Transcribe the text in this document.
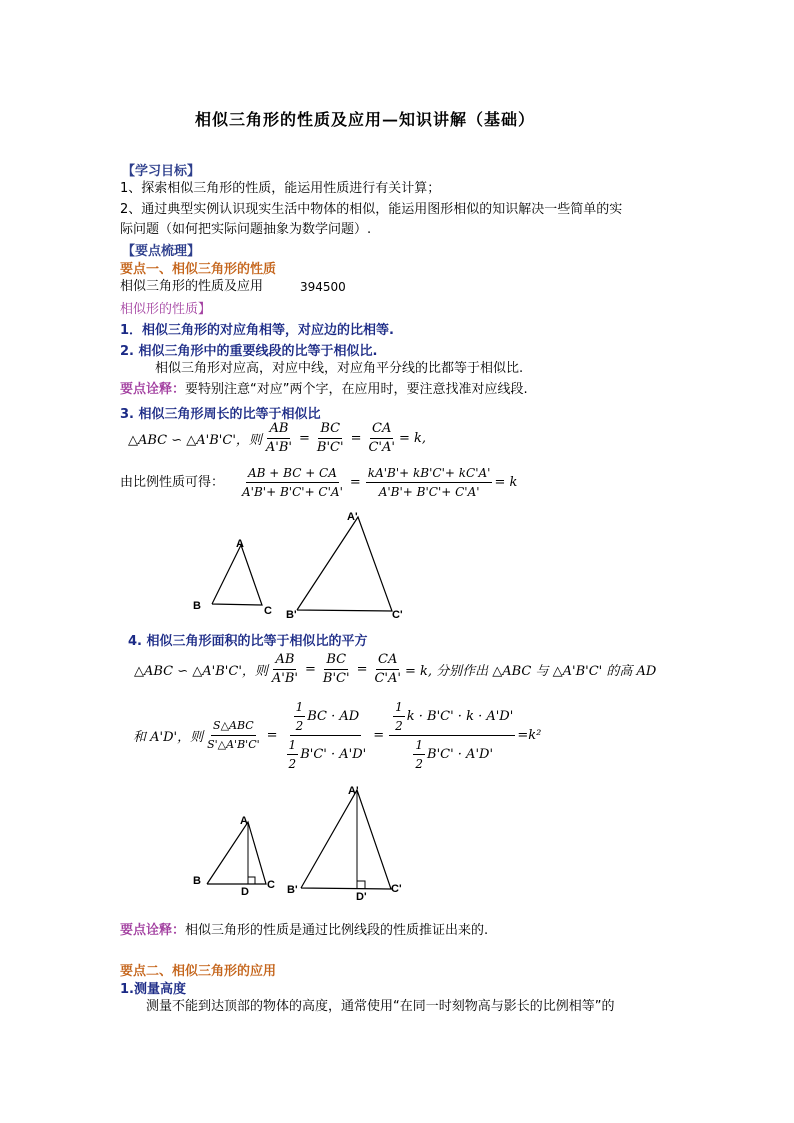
相似三角形的性质及应用—知识讲解（基础）
【学习目标】
1、探索相似三角形的性质，能运用性质进行有关计算；
2、通过典型实例认识现实生活中物体的相似，能运用图形相似的知识解决一些简单的实
际问题（如何把实际问题抽象为数学问题）.
【要点梳理】
要点一、相似三角形的性质
相似三角形的性质及应用	394500
相似形的性质】
1．相似三角形的对应角相等，对应边的比相等.
2. 相似三角形中的重要线段的比等于相似比.
相似三角形对应高，对应中线，对应角平分线的比都等于相似比.
要点诠释：要特别注意“对应”两个字，在应用时，要注意找准对应线段.
3. 相似三角形周长的比等于相似比
△ABC ∽ △A'B'C'，则 $\frac{AB}{A'B'} = \frac{BC}{B'C'} = \frac{CA}{C'A'} = k$,
由比例性质可得： $\frac{AB + BC + CA}{A'B'+ B'C'+ C'A'} = \frac{kA'B'+ kB'C'+ kC'A'}{A'B'+ B'C'+ C'A'} = k$
A
B	C
A'
B'	C'
4. 相似三角形面积的比等于相似比的平方
△ABC ∽ △A'B'C'，则 $\frac{AB}{A'B'} = \frac{BC}{B'C'} = \frac{CA}{C'A'} = k$, 分别作出 △ABC 与 △A'B'C' 的高 AD
和 A'D'，则 $\frac{\text{S△ABC}}{S'\triangle A'B'C'} = \frac{\frac{1}{2} BC \cdot AD}{\frac{1}{2} B'C' \cdot A'D'} = \frac{\frac{1}{2} k \cdot B'C' \cdot k \cdot A'D'}{\frac{1}{2} B'C' \cdot A'D'} =k^2$
A
B	C
D
A'
B'	C'
D'
要点诠释：相似三角形的性质是通过比例线段的性质推证出来的.
要点二、相似三角形的应用
1.测量高度
测量不能到达顶部的物体的高度，通常使用“在同一时刻物高与影长的比例相等”的
